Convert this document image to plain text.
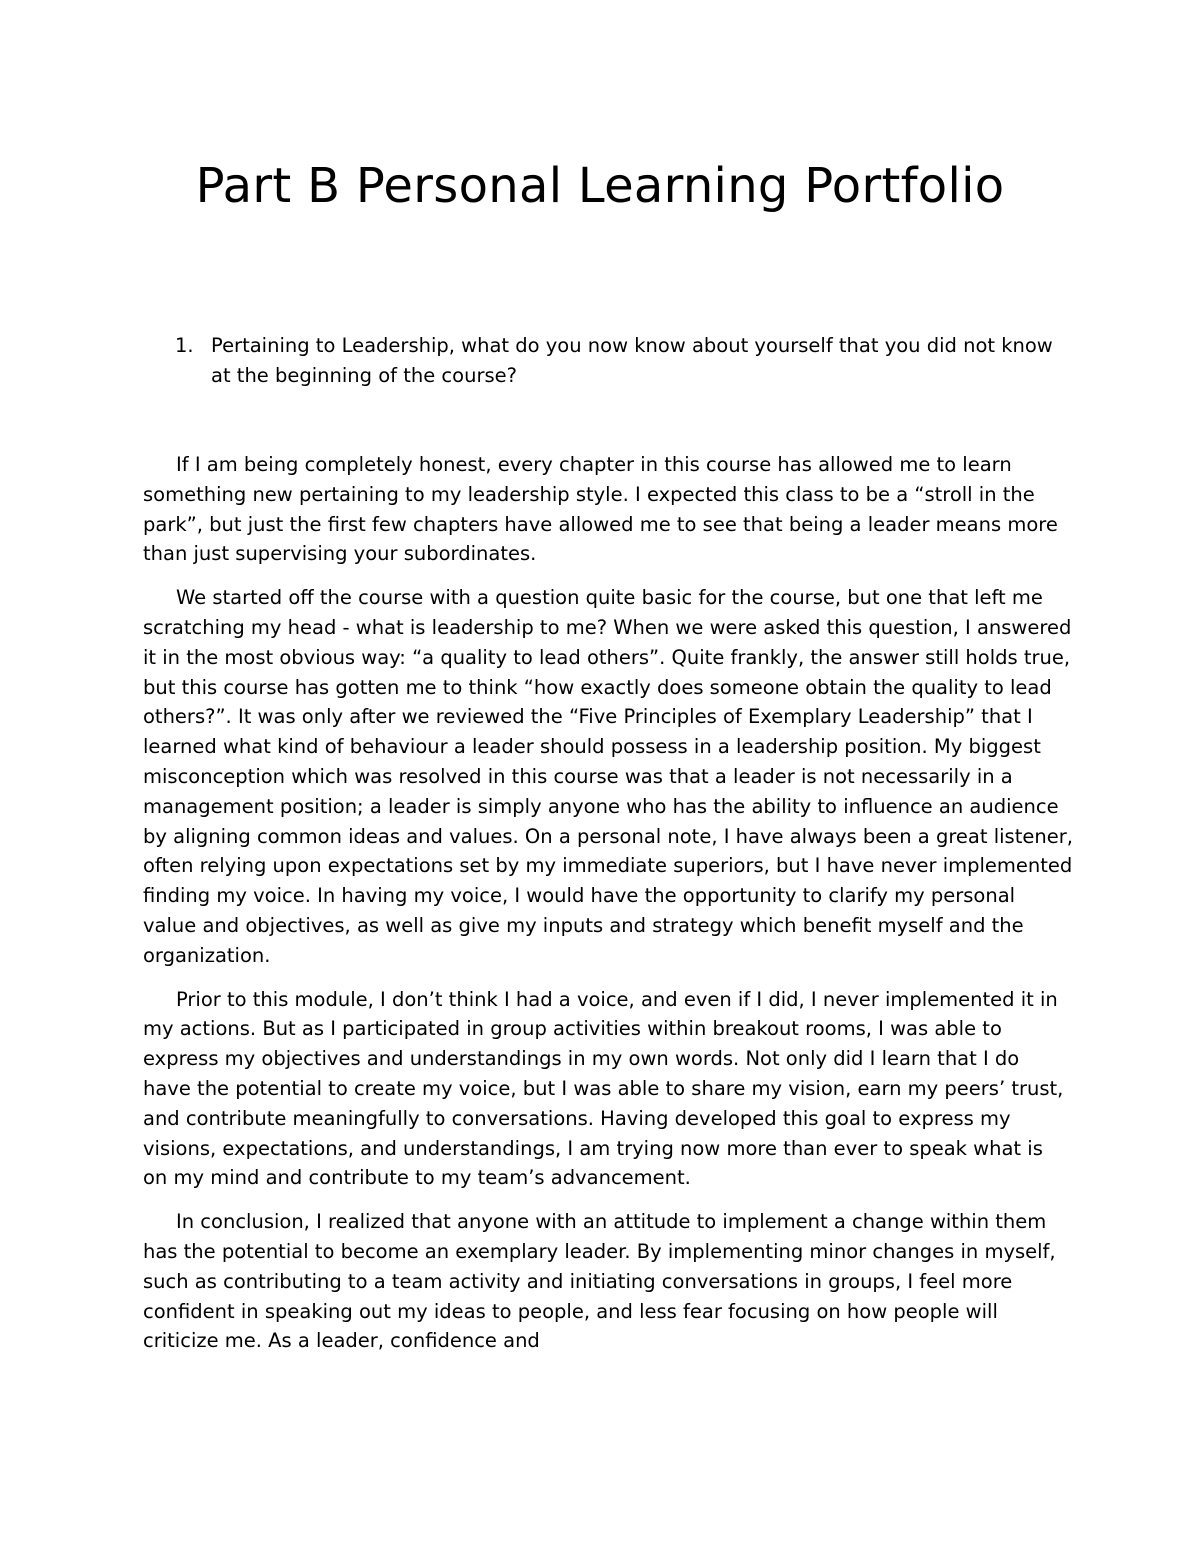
Part B Personal Learning Portfolio
1. Pertaining to Leadership, what do you now know about yourself that you did not know at the beginning of the course?

If I am being completely honest, every chapter in this course has allowed me to learn something new pertaining to my leadership style. I expected this class to be a “stroll in the park”, but just the first few chapters have allowed me to see that being a leader means more than just supervising your subordinates.

We started off the course with a question quite basic for the course, but one that left me scratching my head - what is leadership to me? When we were asked this question, I answered it in the most obvious way: “a quality to lead others”. Quite frankly, the answer still holds true, but this course has gotten me to think “how exactly does someone obtain the quality to lead others?”. It was only after we reviewed the “Five Principles of Exemplary Leadership” that I learned what kind of behaviour a leader should possess in a leadership position. My biggest misconception which was resolved in this course was that a leader is not necessarily in a management position; a leader is simply anyone who has the ability to influence an audience by aligning common ideas and values. On a personal note, I have always been a great listener, often relying upon expectations set by my immediate superiors, but I have never implemented finding my voice. In having my voice, I would have the opportunity to clarify my personal value and objectives, as well as give my inputs and strategy which benefit myself and the organization.

Prior to this module, I don’t think I had a voice, and even if I did, I never implemented it in my actions. But as I participated in group activities within breakout rooms, I was able to express my objectives and understandings in my own words. Not only did I learn that I do have the potential to create my voice, but I was able to share my vision, earn my peers’ trust, and contribute meaningfully to conversations. Having developed this goal to express my visions, expectations, and understandings, I am trying now more than ever to speak what is on my mind and contribute to my team’s advancement.

In conclusion, I realized that anyone with an attitude to implement a change within them has the potential to become an exemplary leader. By implementing minor changes in myself, such as contributing to a team activity and initiating conversations in groups, I feel more confident in speaking out my ideas to people, and less fear focusing on how people will criticize me. As a leader, confidence and
